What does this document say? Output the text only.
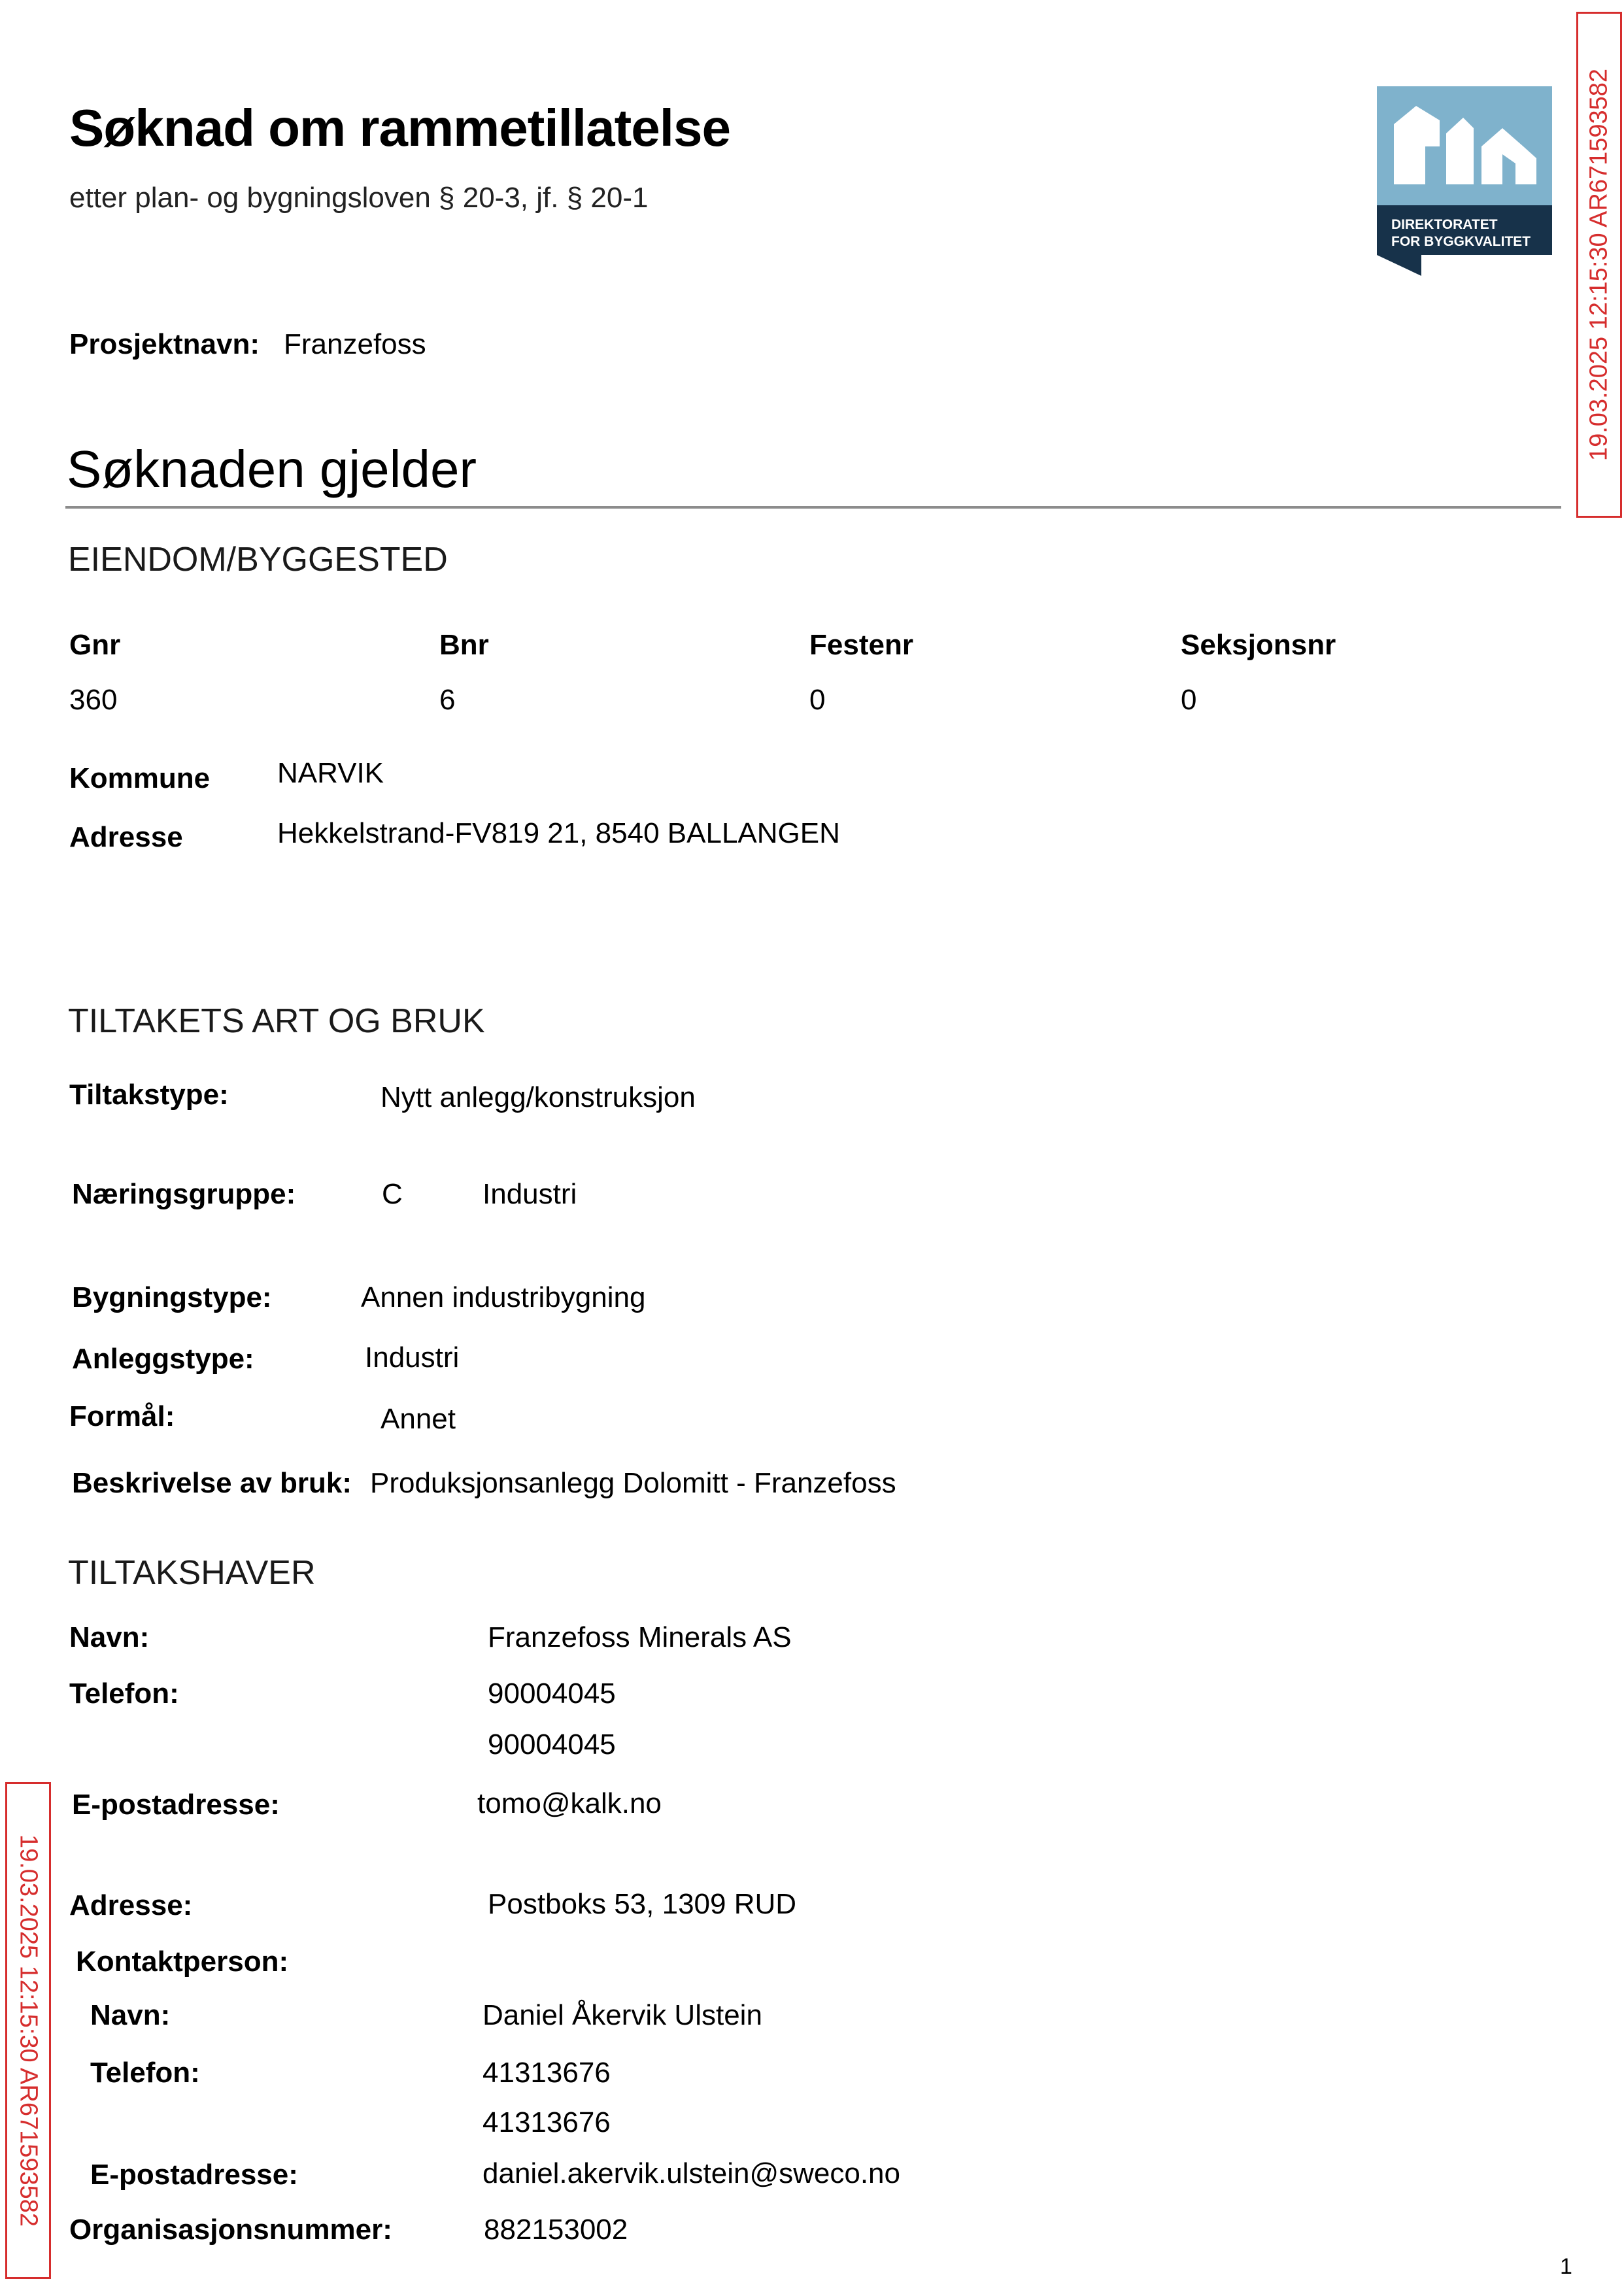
Søknad om rammetillatelse
etter plan- og bygningsloven § 20-3, jf. § 20-1
DIREKTORATET
FOR BYGGKVALITET 19.03.2025 12:15:30 AR671593582
Prosjektnavn: Franzefoss
Søknaden gjelder
EIENDOM/BYGGESTED
Gnr	Bnr	Festenr	Seksjonsnr
360	6	0	0
Kommune NARVIK
Adresse	Hekkelstrand-FV819 21, 8540 BALLANGEN
TILTAKETS ART OG BRUK
Tiltakstype:	Nytt anlegg/konstruksjon
Næringsgruppe:	C	Industri
Bygningstype:	Annen industribygning
Anleggstype:	Industri
Formål:	Annet
Beskrivelse av bruk: Produksjonsanlegg Dolomitt - Franzefoss
TILTAKSHAVER
Navn:	Franzefoss Minerals AS
Telefon:	90004045
90004045
E-postadresse:	tomo@kalk.no
Adresse:	Postboks 53, 1309 RUD
Kontaktperson:
Navn:	Daniel Åkervik Ulstein
Telefon:	41313676
41313676
E-postadresse:	daniel.akervik.ulstein@sweco.no
Organisasjonsnummer:	882153002
19.03.2025 12:15:30 AR671593582
1
